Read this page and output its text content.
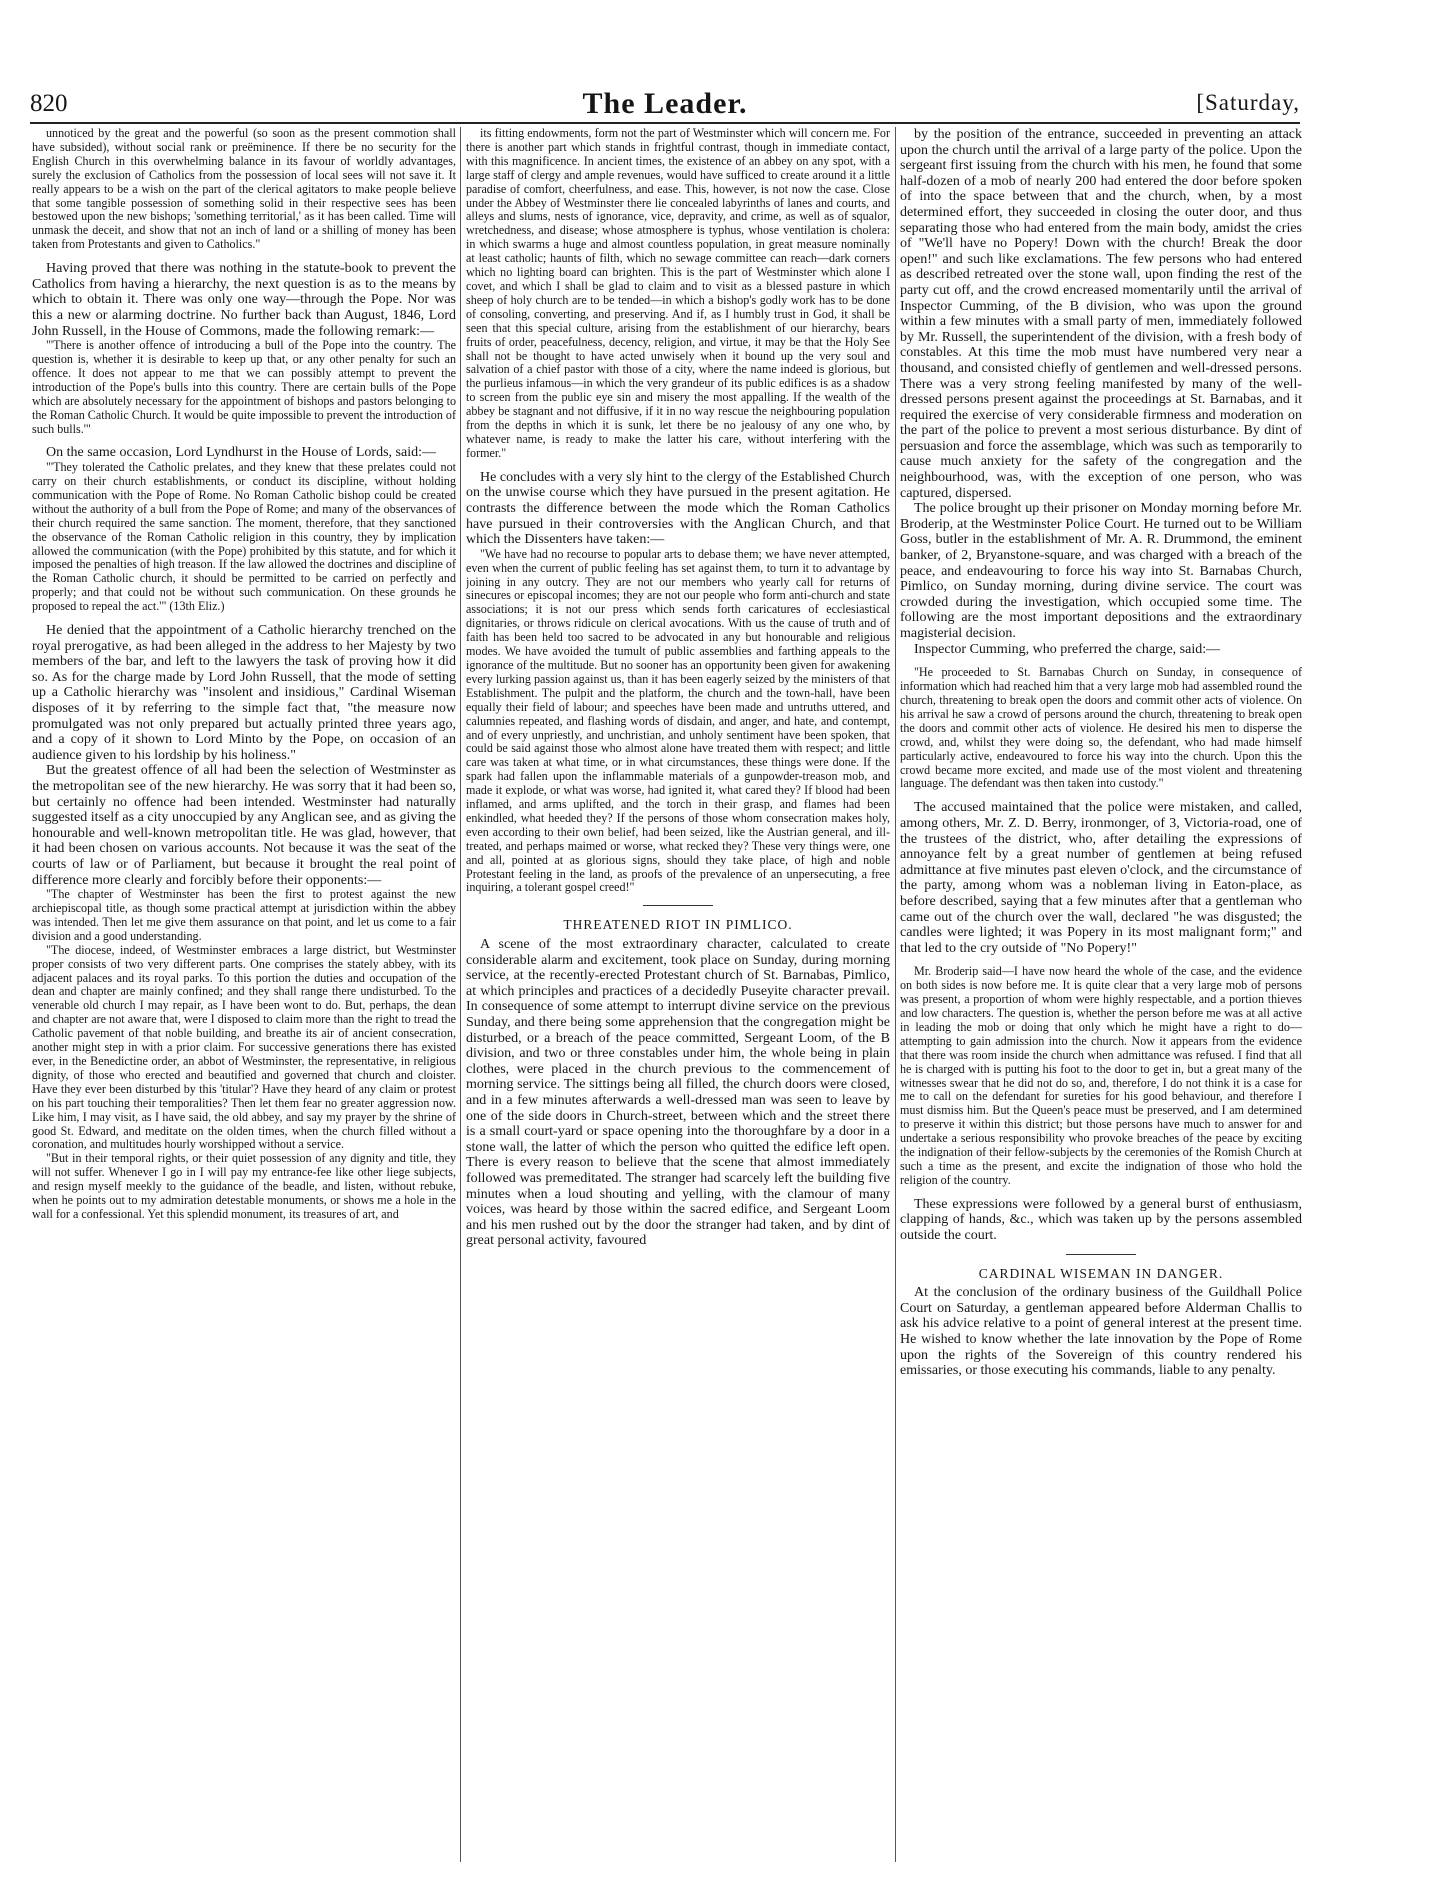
820	The Leader.	[Saturday,

unnoticed by the great and the powerful (so soon as the present commotion shall have subsided), without social rank or preëminence. If there be no security for the English Church in this overwhelming balance in its favour of worldly advantages, surely the exclusion of Catholics from the possession of local sees will not save it. It really appears to be a wish on the part of the clerical agitators to make people believe that some tangible possession of something solid in their respective sees has been bestowed upon the new bishops; 'something territorial,' as it has been called. Time will unmask the deceit, and show that not an inch of land or a shilling of money has been taken from Protestants and given to Catholics."

Having proved that there was nothing in the statute-book to prevent the Catholics from having a hierarchy, the next question is as to the means by which to obtain it. There was only one way—through the Pope. Nor was this a new or alarming doctrine. No further back than August, 1846, Lord John Russell, in the House of Commons, made the following remark:—

"'There is another offence of introducing a bull of the Pope into the country. The question is, whether it is desirable to keep up that, or any other penalty for such an offence. It does not appear to me that we can possibly attempt to prevent the introduction of the Pope's bulls into this country. There are certain bulls of the Pope which are absolutely necessary for the appointment of bishops and pastors belonging to the Roman Catholic Church. It would be quite impossible to prevent the introduction of such bulls.'"

On the same occasion, Lord Lyndhurst in the House of Lords, said:—

"'They tolerated the Catholic prelates, and they knew that these prelates could not carry on their church establishments, or conduct its discipline, without holding communication with the Pope of Rome. No Roman Catholic bishop could be created without the authority of a bull from the Pope of Rome; and many of the observances of their church required the same sanction. The moment, therefore, that they sanctioned the observance of the Roman Catholic religion in this country, they by implication allowed the communication (with the Pope) prohibited by this statute, and for which it imposed the penalties of high treason. If the law allowed the doctrines and discipline of the Roman Catholic church, it should be permitted to be carried on perfectly and properly; and that could not be without such communication. On these grounds he proposed to repeal the act.'" (13th Eliz.)

He denied that the appointment of a Catholic hierarchy trenched on the royal prerogative, as had been alleged in the address to her Majesty by two members of the bar, and left to the lawyers the task of proving how it did so. As for the charge made by Lord John Russell, that the mode of setting up a Catholic hierarchy was "insolent and insidious," Cardinal Wiseman disposes of it by referring to the simple fact that, "the measure now promulgated was not only prepared but actually printed three years ago, and a copy of it shown to Lord Minto by the Pope, on occasion of an audience given to his lordship by his holiness."

But the greatest offence of all had been the selection of Westminster as the metropolitan see of the new hierarchy. He was sorry that it had been so, but certainly no offence had been intended. Westminster had naturally suggested itself as a city unoccupied by any Anglican see, and as giving the honourable and well-known metropolitan title. He was glad, however, that it had been chosen on various accounts. Not because it was the seat of the courts of law or of Parliament, but because it brought the real point of difference more clearly and forcibly before their opponents:—

"The chapter of Westminster has been the first to protest against the new archiepiscopal title, as though some practical attempt at jurisdiction within the abbey was intended. Then let me give them assurance on that point, and let us come to a fair division and a good understanding.

"The diocese, indeed, of Westminster embraces a large district, but Westminster proper consists of two very different parts. One comprises the stately abbey, with its adjacent palaces and its royal parks. To this portion the duties and occupation of the dean and chapter are mainly confined; and they shall range there undisturbed. To the venerable old church I may repair, as I have been wont to do. But, perhaps, the dean and chapter are not aware that, were I disposed to claim more than the right to tread the Catholic pavement of that noble building, and breathe its air of ancient consecration, another might step in with a prior claim. For successive generations there has existed ever, in the Benedictine order, an abbot of Westminster, the representative, in religious dignity, of those who erected and beautified and governed that church and cloister. Have they ever been disturbed by this 'titular'? Have they heard of any claim or protest on his part touching their temporalities? Then let them fear no greater aggression now. Like him, I may visit, as I have said, the old abbey, and say my prayer by the shrine of good St. Edward, and meditate on the olden times, when the church filled without a coronation, and multitudes hourly worshipped without a service.

"But in their temporal rights, or their quiet possession of any dignity and title, they will not suffer. Whenever I go in I will pay my entrance-fee like other liege subjects, and resign myself meekly to the guidance of the beadle, and listen, without rebuke, when he points out to my admiration detestable monuments, or shows me a hole in the wall for a confessional. Yet this splendid monument, its treasures of art, and

its fitting endowments, form not the part of Westminster which will concern me. For there is another part which stands in frightful contrast, though in immediate contact, with this magnificence. In ancient times, the existence of an abbey on any spot, with a large staff of clergy and ample revenues, would have sufficed to create around it a little paradise of comfort, cheerfulness, and ease. This, however, is not now the case. Close under the Abbey of Westminster there lie concealed labyrinths of lanes and courts, and alleys and slums, nests of ignorance, vice, depravity, and crime, as well as of squalor, wretchedness, and disease; whose atmosphere is typhus, whose ventilation is cholera: in which swarms a huge and almost countless population, in great measure nominally at least catholic; haunts of filth, which no sewage committee can reach—dark corners which no lighting board can brighten. This is the part of Westminster which alone I covet, and which I shall be glad to claim and to visit as a blessed pasture in which sheep of holy church are to be tended—in which a bishop's godly work has to be done of consoling, converting, and preserving. And if, as I humbly trust in God, it shall be seen that this special culture, arising from the establishment of our hierarchy, bears fruits of order, peacefulness, decency, religion, and virtue, it may be that the Holy See shall not be thought to have acted unwisely when it bound up the very soul and salvation of a chief pastor with those of a city, where the name indeed is glorious, but the purlieus infamous—in which the very grandeur of its public edifices is as a shadow to screen from the public eye sin and misery the most appalling. If the wealth of the abbey be stagnant and not diffusive, if it in no way rescue the neighbouring population from the depths in which it is sunk, let there be no jealousy of any one who, by whatever name, is ready to make the latter his care, without interfering with the former."

He concludes with a very sly hint to the clergy of the Established Church on the unwise course which they have pursued in the present agitation. He contrasts the difference between the mode which the Roman Catholics have pursued in their controversies with the Anglican Church, and that which the Dissenters have taken:—

"We have had no recourse to popular arts to debase them; we have never attempted, even when the current of public feeling has set against them, to turn it to advantage by joining in any outcry. They are not our members who yearly call for returns of sinecures or episcopal incomes; they are not our people who form anti-church and state associations; it is not our press which sends forth caricatures of ecclesiastical dignitaries, or throws ridicule on clerical avocations. With us the cause of truth and of faith has been held too sacred to be advocated in any but honourable and religious modes. We have avoided the tumult of public assemblies and farthing appeals to the ignorance of the multitude. But no sooner has an opportunity been given for awakening every lurking passion against us, than it has been eagerly seized by the ministers of that Establishment. The pulpit and the platform, the church and the town-hall, have been equally their field of labour; and speeches have been made and untruths uttered, and calumnies repeated, and flashing words of disdain, and anger, and hate, and contempt, and of every unpriestly, and unchristian, and unholy sentiment have been spoken, that could be said against those who almost alone have treated them with respect; and little care was taken at what time, or in what circumstances, these things were done. If the spark had fallen upon the inflammable materials of a gunpowder-treason mob, and made it explode, or what was worse, had ignited it, what cared they? If blood had been inflamed, and arms uplifted, and the torch in their grasp, and flames had been enkindled, what heeded they? If the persons of those whom consecration makes holy, even according to their own belief, had been seized, like the Austrian general, and ill-treated, and perhaps maimed or worse, what recked they? These very things were, one and all, pointed at as glorious signs, should they take place, of high and noble Protestant feeling in the land, as proofs of the prevalence of an unpersecuting, a free inquiring, a tolerant gospel creed!"

THREATENED RIOT IN PIMLICO.

A scene of the most extraordinary character, calculated to create considerable alarm and excitement, took place on Sunday, during morning service, at the recently-erected Protestant church of St. Barnabas, Pimlico, at which principles and practices of a decidedly Puseyite character prevail. In consequence of some attempt to interrupt divine service on the previous Sunday, and there being some apprehension that the congregation might be disturbed, or a breach of the peace committed, Sergeant Loom, of the B division, and two or three constables under him, the whole being in plain clothes, were placed in the church previous to the commencement of morning service. The sittings being all filled, the church doors were closed, and in a few minutes afterwards a well-dressed man was seen to leave by one of the side doors in Church-street, between which and the street there is a small court-yard or space opening into the thoroughfare by a door in a stone wall, the latter of which the person who quitted the edifice left open. There is every reason to believe that the scene that almost immediately followed was premeditated. The stranger had scarcely left the building five minutes when a loud shouting and yelling, with the clamour of many voices, was heard by those within the sacred edifice, and Sergeant Loom and his men rushed out by the door the stranger had taken, and by dint of great personal activity, favoured

by the position of the entrance, succeeded in preventing an attack upon the church until the arrival of a large party of the police. Upon the sergeant first issuing from the church with his men, he found that some half-dozen of a mob of nearly 200 had entered the door before spoken of into the space between that and the church, when, by a most determined effort, they succeeded in closing the outer door, and thus separating those who had entered from the main body, amidst the cries of "We'll have no Popery! Down with the church! Break the door open!" and such like exclamations. The few persons who had entered as described retreated over the stone wall, upon finding the rest of the party cut off, and the crowd encreased momentarily until the arrival of Inspector Cumming, of the B division, who was upon the ground within a few minutes with a small party of men, immediately followed by Mr. Russell, the superintendent of the division, with a fresh body of constables. At this time the mob must have numbered very near a thousand, and consisted chiefly of gentlemen and well-dressed persons. There was a very strong feeling manifested by many of the well-dressed persons present against the proceedings at St. Barnabas, and it required the exercise of very considerable firmness and moderation on the part of the police to prevent a most serious disturbance. By dint of persuasion and force the assemblage, which was such as temporarily to cause much anxiety for the safety of the congregation and the neighbourhood, was, with the exception of one person, who was captured, dispersed.

The police brought up their prisoner on Monday morning before Mr. Broderip, at the Westminster Police Court. He turned out to be William Goss, butler in the establishment of Mr. A. R. Drummond, the eminent banker, of 2, Bryanstone-square, and was charged with a breach of the peace, and endeavouring to force his way into St. Barnabas Church, Pimlico, on Sunday morning, during divine service. The court was crowded during the investigation, which occupied some time. The following are the most important depositions and the extraordinary magisterial decision.

Inspector Cumming, who preferred the charge, said:—

"He proceeded to St. Barnabas Church on Sunday, in consequence of information which had reached him that a very large mob had assembled round the church, threatening to break open the doors and commit other acts of violence. On his arrival he saw a crowd of persons around the church, threatening to break open the doors and commit other acts of violence. He desired his men to disperse the crowd, and, whilst they were doing so, the defendant, who had made himself particularly active, endeavoured to force his way into the church. Upon this the crowd became more excited, and made use of the most violent and threatening language. The defendant was then taken into custody."

The accused maintained that the police were mistaken, and called, among others, Mr. Z. D. Berry, ironmonger, of 3, Victoria-road, one of the trustees of the district, who, after detailing the expressions of annoyance felt by a great number of gentlemen at being refused admittance at five minutes past eleven o'clock, and the circumstance of the party, among whom was a nobleman living in Eaton-place, as before described, saying that a few minutes after that a gentleman who came out of the church over the wall, declared "he was disgusted; the candles were lighted; it was Popery in its most malignant form;" and that led to the cry outside of "No Popery!"

Mr. Broderip said—I have now heard the whole of the case, and the evidence on both sides is now before me. It is quite clear that a very large mob of persons was present, a proportion of whom were highly respectable, and a portion thieves and low characters. The question is, whether the person before me was at all active in leading the mob or doing that only which he might have a right to do—attempting to gain admission into the church. Now it appears from the evidence that there was room inside the church when admittance was refused. I find that all he is charged with is putting his foot to the door to get in, but a great many of the witnesses swear that he did not do so, and, therefore, I do not think it is a case for me to call on the defendant for sureties for his good behaviour, and therefore I must dismiss him. But the Queen's peace must be preserved, and I am determined to preserve it within this district; but those persons have much to answer for and undertake a serious responsibility who provoke breaches of the peace by exciting the indignation of their fellow-subjects by the ceremonies of the Romish Church at such a time as the present, and excite the indignation of those who hold the religion of the country.

These expressions were followed by a general burst of enthusiasm, clapping of hands, &c., which was taken up by the persons assembled outside the court.

CARDINAL WISEMAN IN DANGER.

At the conclusion of the ordinary business of the Guildhall Police Court on Saturday, a gentleman appeared before Alderman Challis to ask his advice relative to a point of general interest at the present time. He wished to know whether the late innovation by the Pope of Rome upon the rights of the Sovereign of this country rendered his emissaries, or those executing his commands, liable to any penalty.
